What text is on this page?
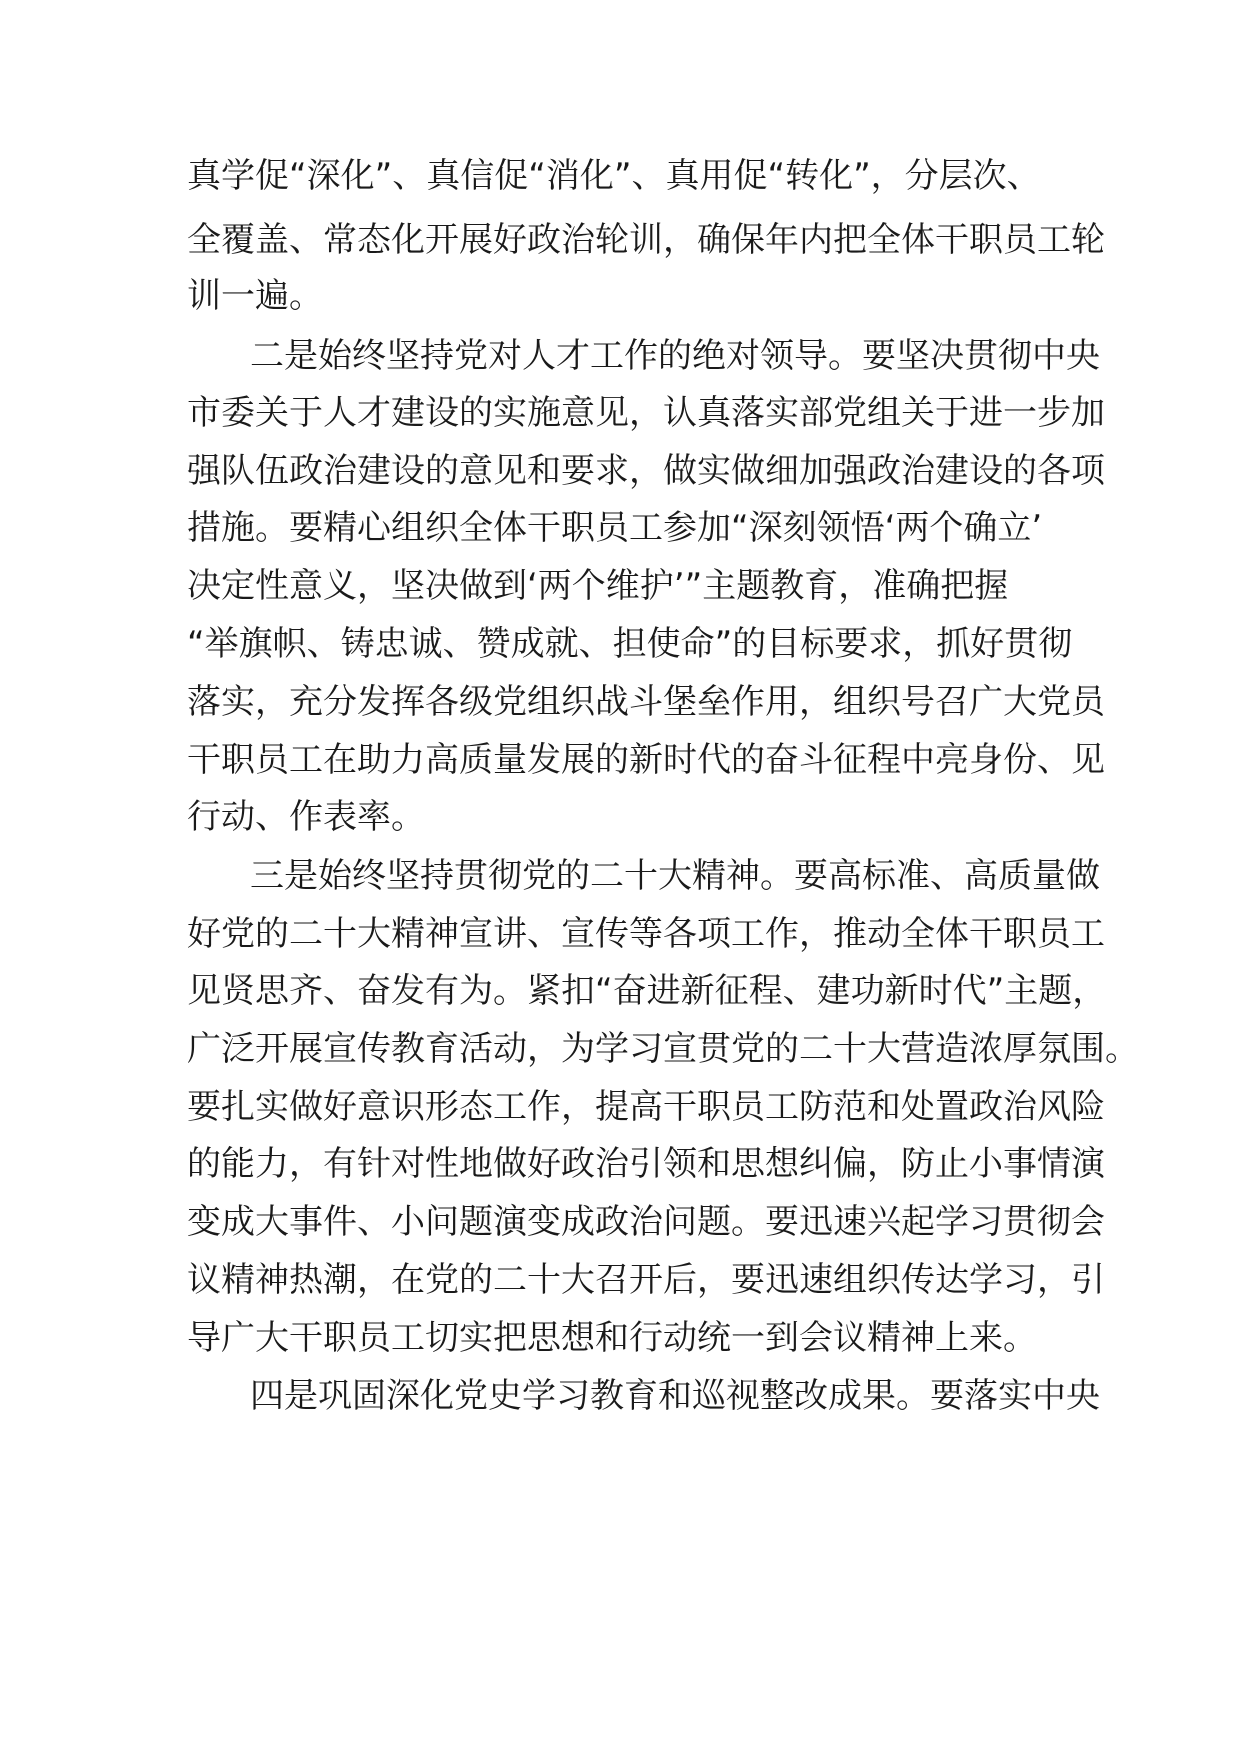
真学促“深化”、真信促“消化”、真用促“转化”，分层次、
全覆盖、常态化开展好政治轮训，确保年内把全体干职员工轮
训一遍。
二是始终坚持党对人才工作的绝对领导。要坚决贯彻中央
市委关于人才建设的实施意见，认真落实部党组关于进一步加
强队伍政治建设的意见和要求，做实做细加强政治建设的各项
措施。要精心组织全体干职员工参加“深刻领悟‘两个确立’
决定性意义，坚决做到‘两个维护’”主题教育，准确把握
“举旗帜、铸忠诚、赞成就、担使命”的目标要求，抓好贯彻
落实，充分发挥各级党组织战斗堡垒作用，组织号召广大党员
干职员工在助力高质量发展的新时代的奋斗征程中亮身份、见
行动、作表率。
三是始终坚持贯彻党的二十大精神。要高标准、高质量做
好党的二十大精神宣讲、宣传等各项工作，推动全体干职员工
见贤思齐、奋发有为。紧扣“奋进新征程、建功新时代”主题，
广泛开展宣传教育活动，为学习宣贯党的二十大营造浓厚氛围。
要扎实做好意识形态工作，提高干职员工防范和处置政治风险
的能力，有针对性地做好政治引领和思想纠偏，防止小事情演
变成大事件、小问题演变成政治问题。要迅速兴起学习贯彻会
议精神热潮，在党的二十大召开后，要迅速组织传达学习，引
导广大干职员工切实把思想和行动统一到会议精神上来。
四是巩固深化党史学习教育和巡视整改成果。要落实中央
